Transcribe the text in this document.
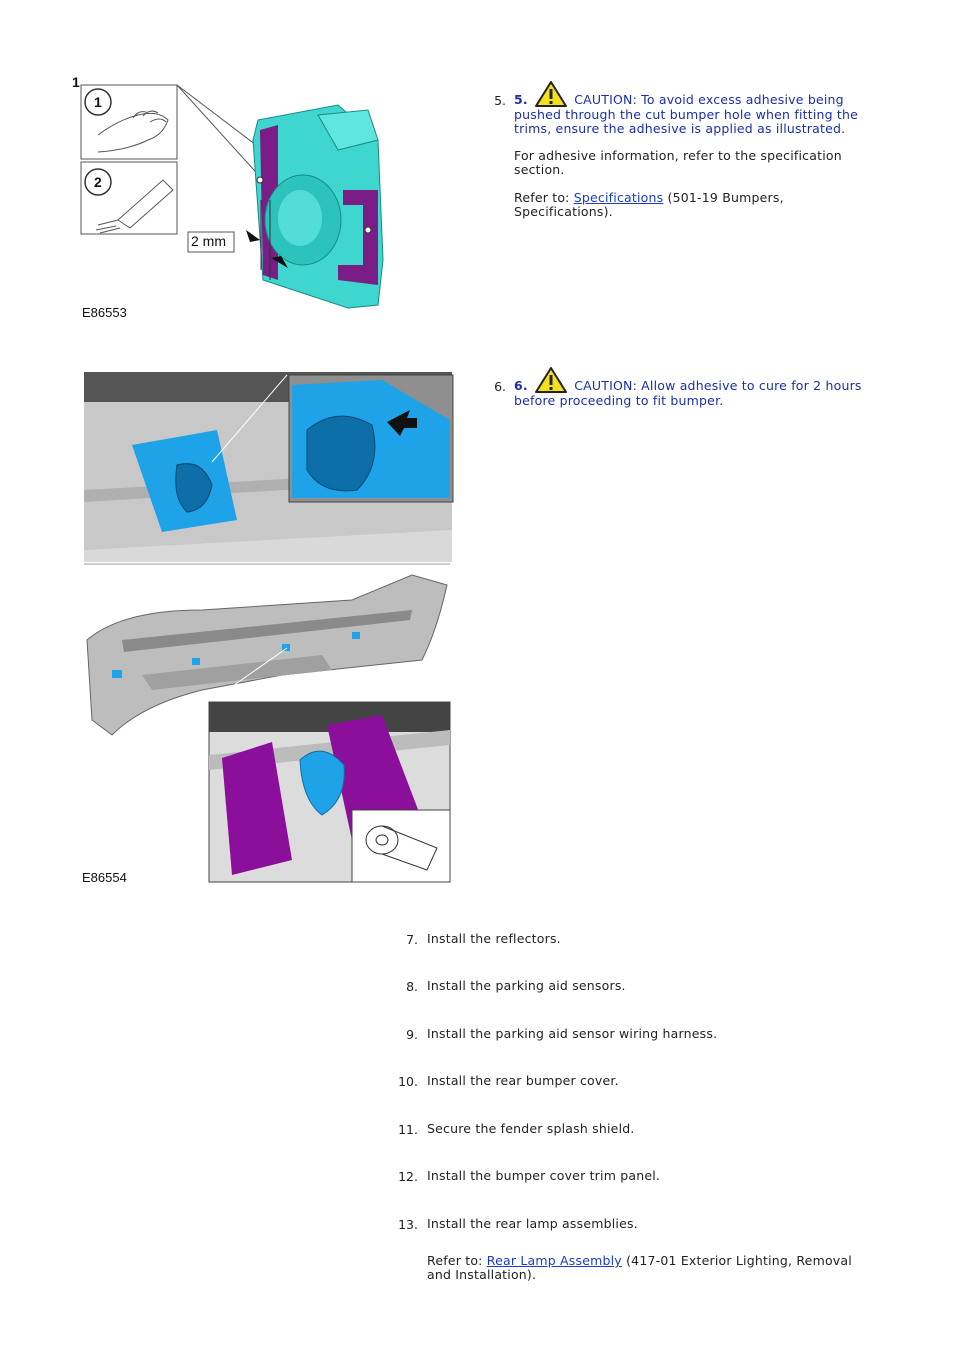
2 mm
1
1
2
E86553
5. 5.	CAUTION: To avoid excess adhesive being pushed through the cut bumper hole when fitting the trims, ensure the adhesive is applied as illustrated.
For adhesive information, refer to the specification section.
Refer to: Specifications (501-19 Bumpers, Specifications).
E86554
6. 6.	CAUTION: Allow adhesive to cure for 2 hours before proceeding to fit bumper.
7. Install the reflectors.
8. Install the parking aid sensors.
9. Install the parking aid sensor wiring harness.
10. Install the rear bumper cover.
11. Secure the fender splash shield.
12. Install the bumper cover trim panel.
13. Install the rear lamp assemblies.
Refer to: Rear Lamp Assembly (417-01 Exterior Lighting, Removal and Installation).
